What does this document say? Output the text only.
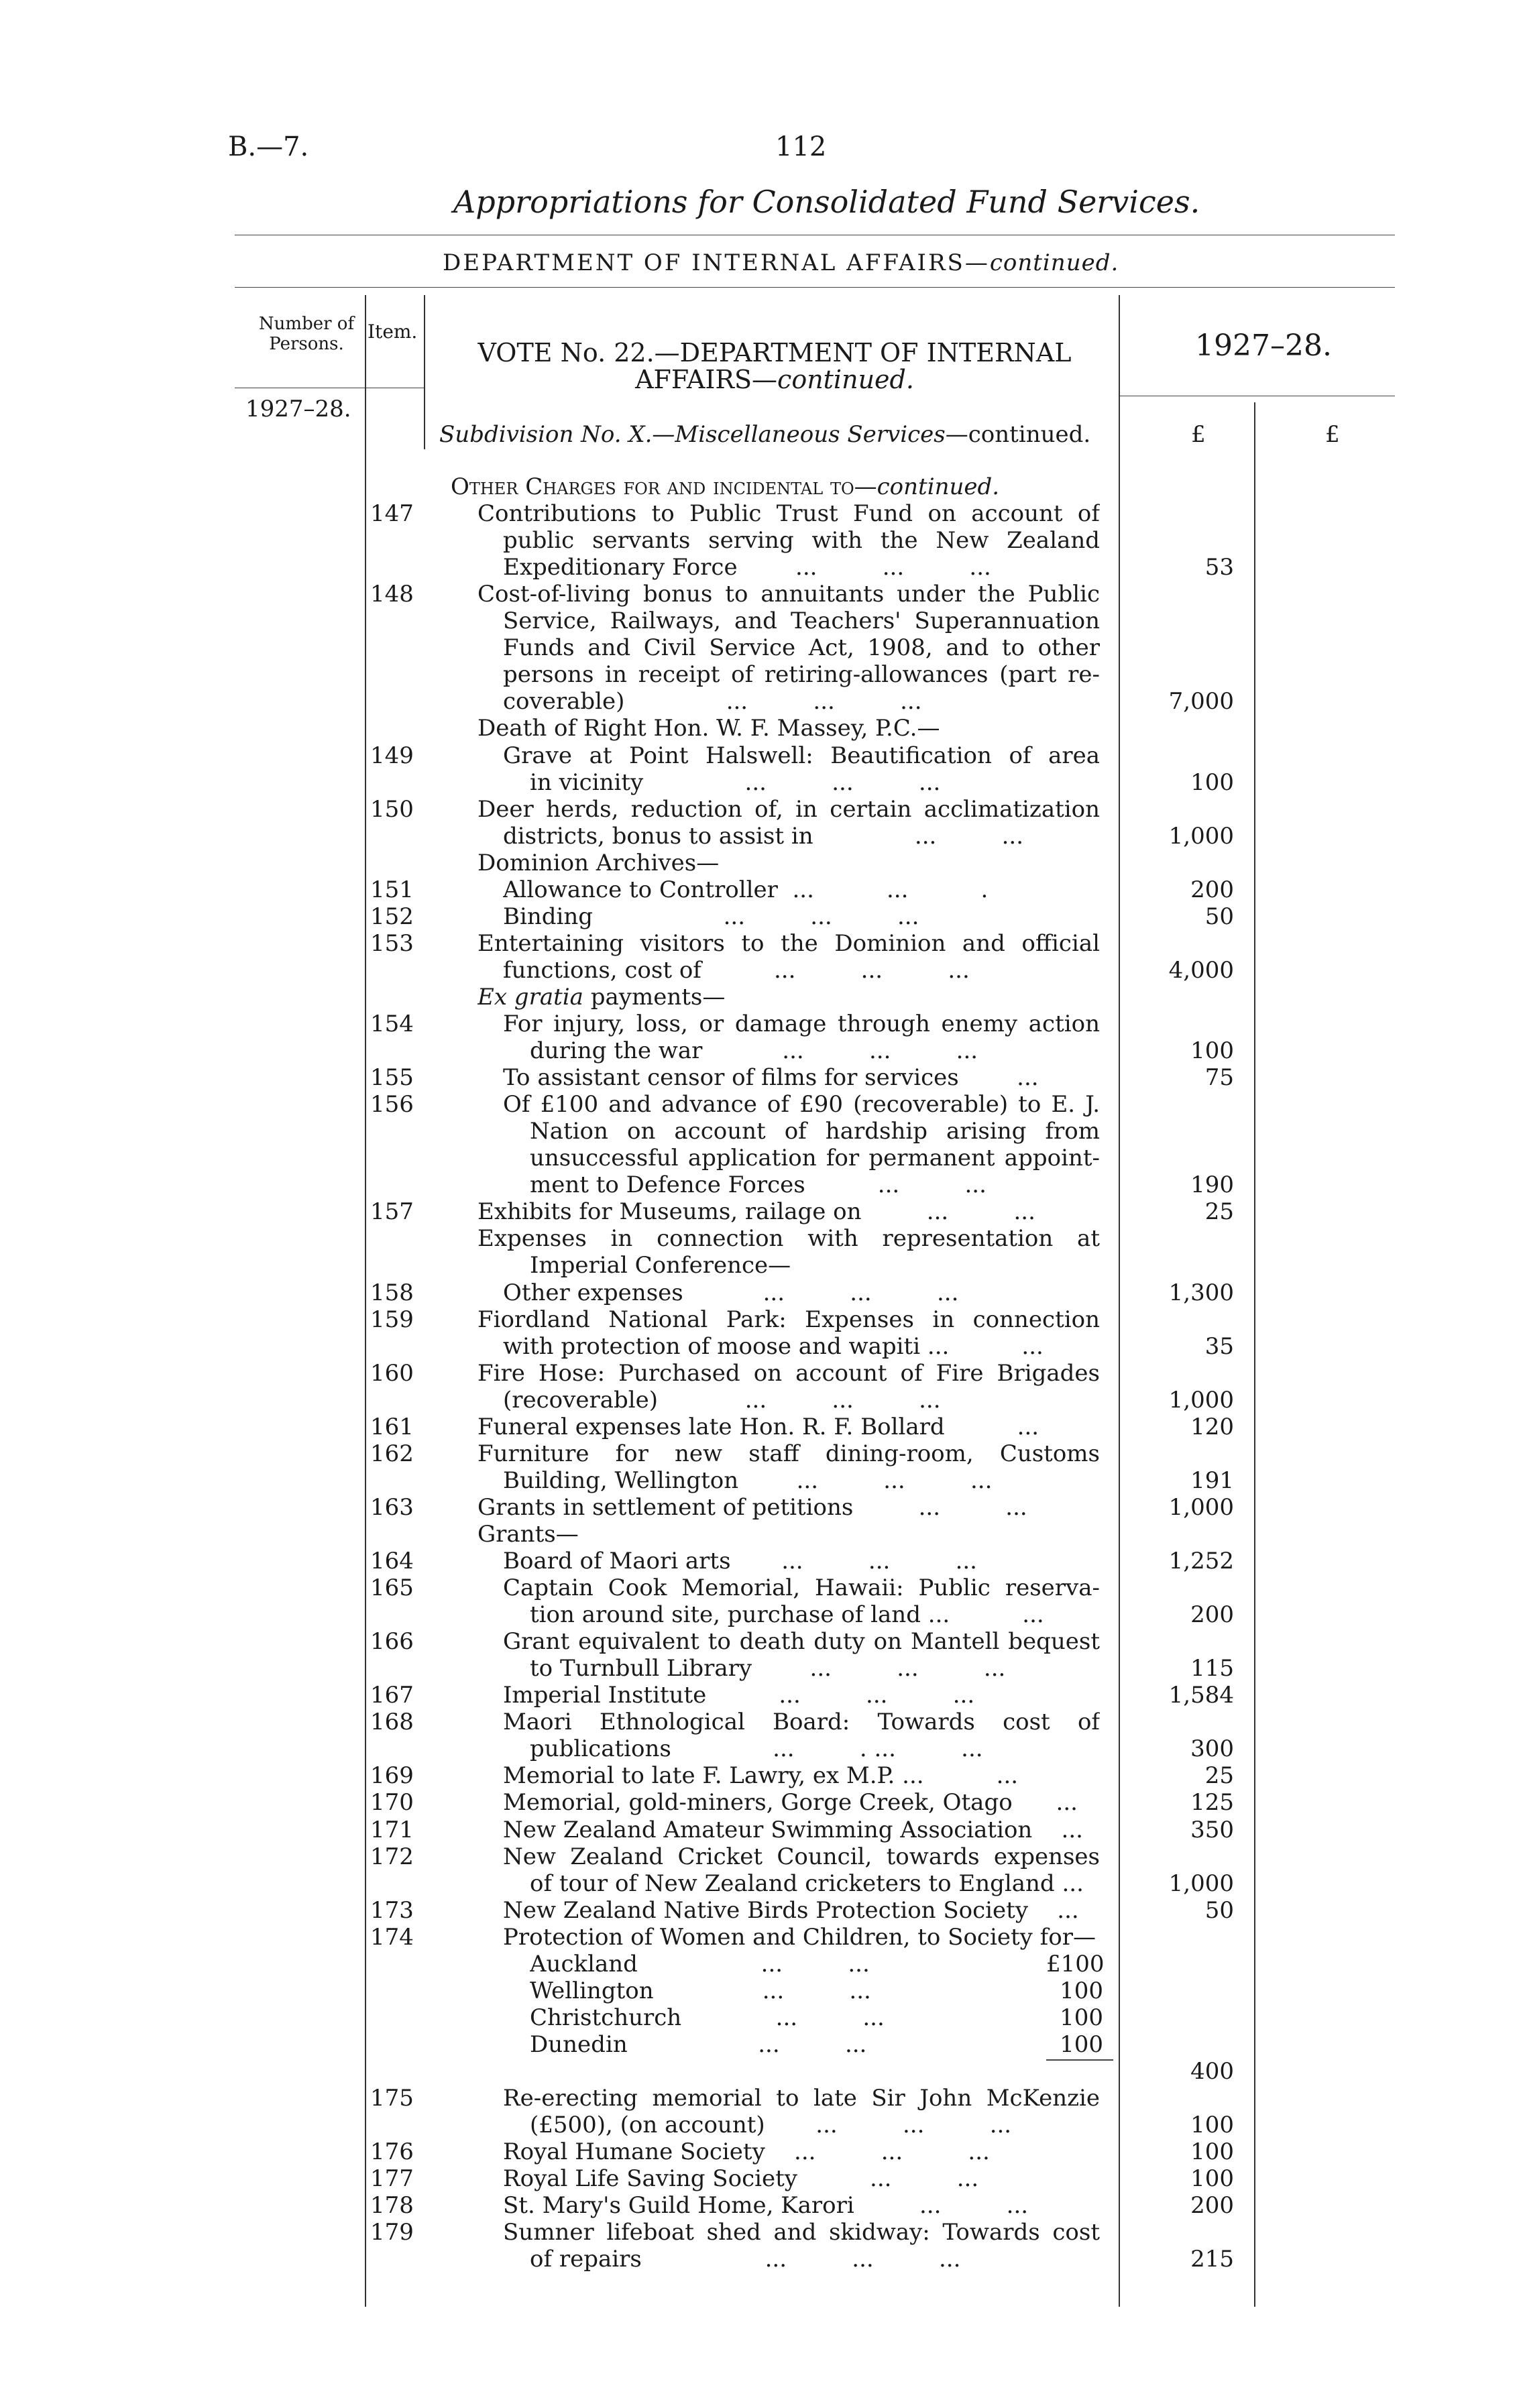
B.—7.	112
Appropriations for Consolidated Fund Services.
DEPARTMENT OF INTERNAL AFFAIRS—continued.
Number of Persons.
Item.
1927–28.
VOTE No. 22.—DEPARTMENT OF INTERNAL
AFFAIRS—continued.
1927–28.
Subdivision No. X.—Miscellaneous Services—continued.	£	£
Other Charges for and incidental to—continued.
147	Contributions to Public Trust Fund on account of
public servants serving with the New Zealand
Expeditionary Force        ...         ...         ...	53
148	Cost-of-living bonus to annuitants under the Public
Service, Railways, and Teachers' Superannuation
Funds and Civil Service Act, 1908, and to other
persons in receipt of retiring-allowances (part re-
coverable)              ...         ...         ...	7,000
Death of Right Hon. W. F. Massey, P.C.—
149	Grave at Point Halswell: Beautification of area
in vicinity              ...         ...         ...	100
150	Deer herds, reduction of, in certain acclimatization
districts, bonus to assist in              ...         ...	1,000
Dominion Archives—
151	Allowance to Controller  ...          ...          .	200
152	Binding                  ...         ...         ...	50
153	Entertaining visitors to the Dominion and official
functions, cost of          ...         ...         ...	4,000
Ex gratia payments—
154	For injury, loss, or damage through enemy action
during the war           ...         ...         ...	100
155	To assistant censor of films for services        ...	75
156	Of £100 and advance of £90 (recoverable) to E. J.
Nation on account of hardship arising from
unsuccessful application for permanent appoint-
ment to Defence Forces          ...         ...	190
157	Exhibits for Museums, railage on         ...         ...	25
Expenses in connection with representation at
Imperial Conference—
158	Other expenses           ...         ...         ...	1,300
159	Fiordland National Park: Expenses in connection
with protection of moose and wapiti ...          ...	35
160	Fire Hose: Purchased on account of Fire Brigades
(recoverable)            ...         ...         ...	1,000
161	Funeral expenses late Hon. R. F. Bollard          ...	120
162	Furniture for new staff dining-room, Customs
Building, Wellington        ...         ...         ...	191
163	Grants in settlement of petitions         ...         ...	1,000
Grants—
164	Board of Maori arts       ...         ...         ...	1,252
165	Captain Cook Memorial, Hawaii: Public reserva-
tion around site, purchase of land ...          ...	200
166	Grant equivalent to death duty on Mantell bequest
to Turnbull Library        ...         ...         ...	115
167	Imperial Institute          ...         ...         ...	1,584
168	Maori Ethnological Board: Towards cost of
publications              ...         . ...         ...	300
169	Memorial to late F. Lawry, ex M.P. ...          ...	25
170	Memorial, gold-miners, Gorge Creek, Otago      ...	125
171	New Zealand Amateur Swimming Association    ...	350
172	New Zealand Cricket Council, towards expenses
of tour of New Zealand cricketers to England ...	1,000
173	New Zealand Native Birds Protection Society    ...	50
174	Protection of Women and Children, to Society for—
Auckland                 ...         ...	£100
Wellington               ...         ...	100
Christchurch             ...         ...	100
Dunedin                  ...         ...	100
400
175	Re-erecting memorial to late Sir John McKenzie
(£500), (on account)       ...         ...         ...	100
176	Royal Humane Society    ...         ...         ...	100
177	Royal Life Saving Society          ...         ...	100
178	St. Mary's Guild Home, Karori         ...         ...	200
179	Sumner lifeboat shed and skidway: Towards cost
of repairs                 ...         ...         ...	215
